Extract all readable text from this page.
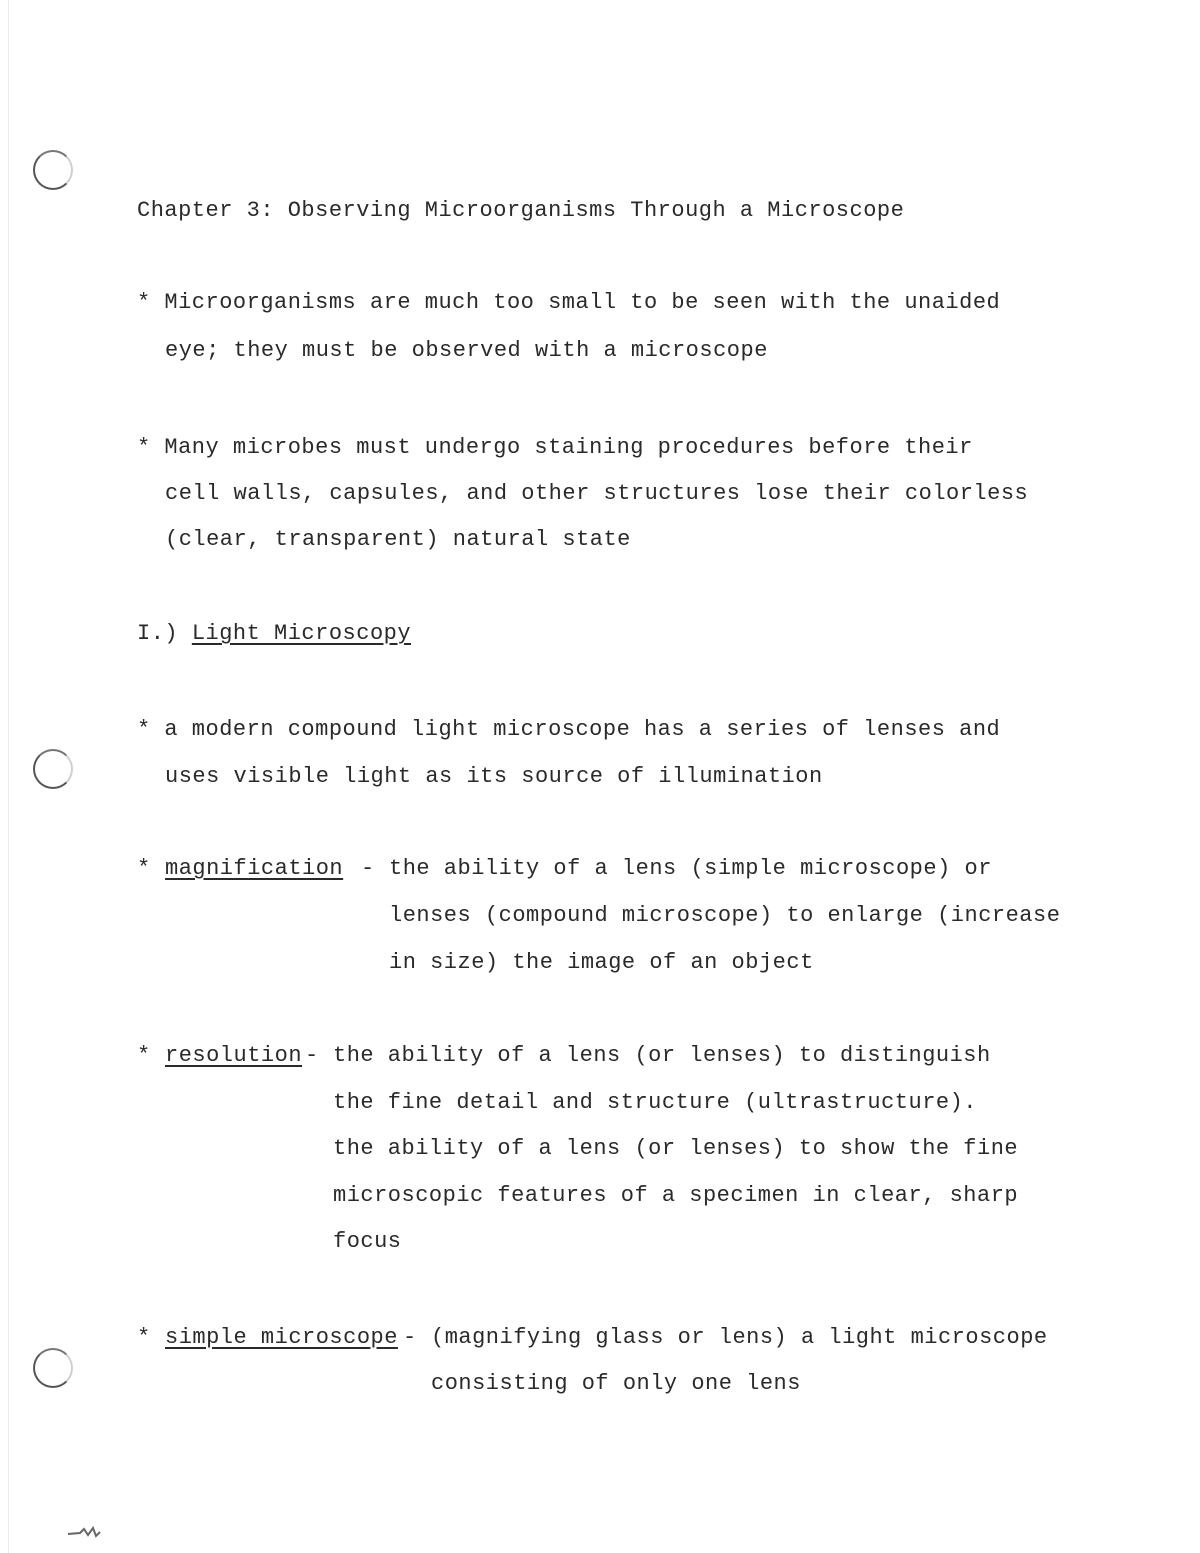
Chapter 3: Observing Microorganisms Through a Microscope
* Microorganisms are much too small to be seen with the unaided
eye; they must be observed with a microscope
* Many microbes must undergo staining procedures before their
cell walls, capsules, and other structures lose their colorless
(clear, transparent) natural state
I.) Light Microscopy
* a modern compound light microscope has a series of lenses and
uses visible light as its source of illumination
* magnification - the ability of a lens (simple microscope) or
lenses (compound microscope) to enlarge (increase
in size) the image of an object
* resolution - the ability of a lens (or lenses) to distinguish
the fine detail and structure (ultrastructure).
the ability of a lens (or lenses) to show the fine
microscopic features of a specimen in clear, sharp
focus
* simple microscope - (magnifying glass or lens) a light microscope
consisting of only one lens
